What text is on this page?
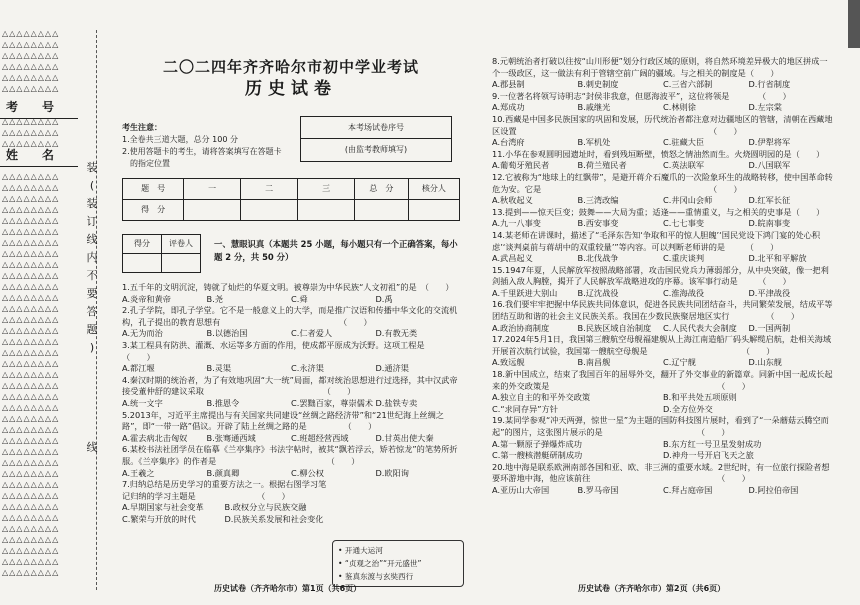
△△△△△△△△
△△△△△△△△
△△△△△△△△
△△△△△△△△
△△△△△△△△
△△△△△△△△

△△△△△△△△
△△△△△△△△
△△△△△△△△

△△△△△△△△
△△△△△△△△
△△△△△△△△
△△△△△△△△
△△△△△△△△
△△△△△△△△
△△△△△△△△
△△△△△△△△
△△△△△△△△
△△△△△△△△
△△△△△△△△
△△△△△△△△
△△△△△△△△
△△△△△△△△
△△△△△△△△
△△△△△△△△
△△△△△△△△
△△△△△△△△
△△△△△△△△
△△△△△△△△
△△△△△△△△
△△△△△△△△
△△△△△△△△
△△△△△△△△
△△△△△△△△
△△△△△△△△
△△△△△△△△
△△△△△△△△
△△△△△△△△
△△△△△△△△
△△△△△△△△
△△△△△△△△
△△△△△△△△
△△△△△△△△
△△△△△△△△
△△△△△△△△
△△△△△△△△

考　　号
姓　　名
装
(
装
订
线
内
不
要
答
题
)
线
二〇二四年齐齐哈尔市初中学业考试
历史试卷
考生注意：
1.全卷共三道大题，总分 100 分
2.使用答题卡的考生，请将答案填写在答题卡
　的指定位置
本考场试卷序号
(由监考教师填写)
题　号	一	二	三	总　分	核分人
得　分					
得分	评卷人
		一、慧眼识真（本题共 25 小题，每小题只有一个正确答案，每小题 2 分，共 50 分）
1.五千年的文明沉淀，铸就了灿烂的华夏文明。被尊崇为中华民族“人文初祖”的是　（　　）
A.炎帝和黄帝	B.尧	C.舜	D.禹
2.孔子学院，即孔子学堂。它不是一般意义上的大学，而是推广汉语和传播中华文化的交流机构，孔子提出的教育思想有　　　　　　　　　　　　　　　（　　）
A.无为而治	B.以德治国	C.仁者爱人	D.有教无类
3.某工程具有防洪、灌溉、水运等多方面的作用，使成都平原成为沃野。这项工程是　　　　　　　　　　　　　　　　　　　　　　　　　　（　　）
A.都江堰	B.灵渠	C.永济渠	D.通济渠
4.秦汉时期的统治者，为了有效地巩固“大一统”局面，都对统治思想进行过选择，其中汉武帝接受董仲舒的建议采取　　　　　　　　　　　　　　　（　　）
A.统一文字	B.推恩令	C.罢黜百家，尊崇儒术 D.盐铁专卖
5.2013年，习近平主席提出与有关国家共同建设“丝绸之路经济带”和“21世纪海上丝绸之路”，即“一带一路”倡议。开辟了陆上丝绸之路的是　　　　　（　　）
A.霍去病北击匈奴	B.张骞通西域	C.班超经营西域	D.甘英出使大秦
6.某校书法社团学员在临摹《兰亭集序》书法字帖时，被其“飘若浮云，矫若惊龙”的笔势所折服。《兰亭集序》的作者是　　　　　　　　　　　　　　（　　）
A.王羲之	B.颜真卿	C.柳公权	D.欧阳询
7.归纳总结是历史学习的重要方法之一。根据右图学习笔记归纳的学习主题是　　　　　　　　（　　）
A.早期国家与社会变革	B.政权分立与民族交融
C.繁荣与开放的时代	D.民族关系发展和社会变化
• 开通大运河
• “贞观之治”“开元盛世”
• 鉴真东渡与玄奘西行
历史试卷（齐齐哈尔市）第1页（共6页）
8.元朝统治者打破以往按“山川形便”划分行政区域的原则，将自然环境差异极大的地区拼成一个一级政区，这一做法有利于管辖空前广阔的疆域。与之相关的制度是（　　）
A.郡县制	B.刺史制度	C.三省六部制	D.行省制度
9.一位著名将领写诗明志“封侯非我意，但愿海波平”，这位将领是　　　　（　　）
A.郑成功	B.戚继光	C.林则徐	D.左宗棠
10.西藏是中国多民族国家的巩固和发展，历代统治者都注意对边疆地区的管辖，清朝在西藏地区设置　　　　　　　　　　　　　　　　　　　　　　　　（　　）
A.台湾府	B.军机处	C.驻藏大臣	D.伊犁将军
11.小华在参观圆明园遗址时，看到残垣断壁，愤怒之情油然而生。火烧圆明园的是（　　）
A.葡萄牙殖民者	B.荷兰殖民者	C.英法联军	D.八国联军
12.它被称为“地球上的红飘带”，是避开蒋介石魔爪的一次险象环生的战略转移，使中国革命转危为安。它是　　　　　　　　　　　　　　　　　　　　　（　　）
A.秋收起义	B.三湾改编	C.井冈山会师	D.红军长征
13.提到——惊天巨变；鼓舞——大局为重；适逢——重情重义，与之相关的史事是（　　）
A.九一八事变	B.西安事变	C.七七事变	D.皖南事变
14.某老师在讲课时，描述了“毛泽东告知‘争取和平的惊人胆魄’‘国民党设下鸿门宴的处心积虑’‘谈判桌前与蒋胡中的双重较量’”等内容。可以判断老师讲的是　　　（　　）
A.武昌起义	B.北伐战争	C.重庆谈判	D.北平和平解放
15.1947年夏，人民解放军按照战略部署，攻击国民党兵力薄弱部分，从中央突破，像一把利剑插入敌人胸膛，揭开了人民解放军战略进攻的序幕。该军事行动是　　　（　　）
A.千里跃进大别山	B.辽沈战役	C.淮海战役	D.平津战役
16.我们要牢牢把握中华民族共同体意识，促进各民族共同团结奋斗，共同繁荣发展，结成平等团结互助和谐的社会主义民族关系。我国在少数民族聚居地区实行　　　　　（　　）
A.政治协商制度	B.民族区域自治制度	C.人民代表大会制度	D.一国两制
17.2024年5月1日，我国第三艘航空母舰福建舰从上海江南造船厂码头解缆启航，赴相关海域开展首次航行试验，我国第一艘航空母舰是　　　　　　　　　　　　（　　）
A.致远舰	B.南昌舰	C.辽宁舰	D.山东舰
18.新中国成立，结束了我国百年的屈辱外交，翻开了外交事业的新篇章。同新中国一起成长起来的外交政策是　　　　　　　　　　　　　　　　　　　　　（　　）
A.独立自主的和平外交政策	B.和平共处五项原则
C.“求同存异”方针	D.全方位外交
19.某同学参观“冲天两弹，惊世一星”为主题的国防科技图片展时，看到了“一朵蘑菇云腾空而起”的图片，这张图片展示的是　　　　　　　　　　　　（　　）
A.第一颗原子弹爆炸成功	B.东方红一号卫星发射成功
C.第一艘核潜艇研制成功	D.神舟一号开启飞天之旅
20.地中海是联系欧洲南部各国和亚、欧、非三洲的重要水域。2世纪时，有一位旅行探险者想要环游地中海，他应该前往　　　　　　　　　　　　　　　　（　　）
A.亚历山大帝国	B.罗马帝国	C.拜占庭帝国	D.阿拉伯帝国
历史试卷（齐齐哈尔市）第2页（共6页）
